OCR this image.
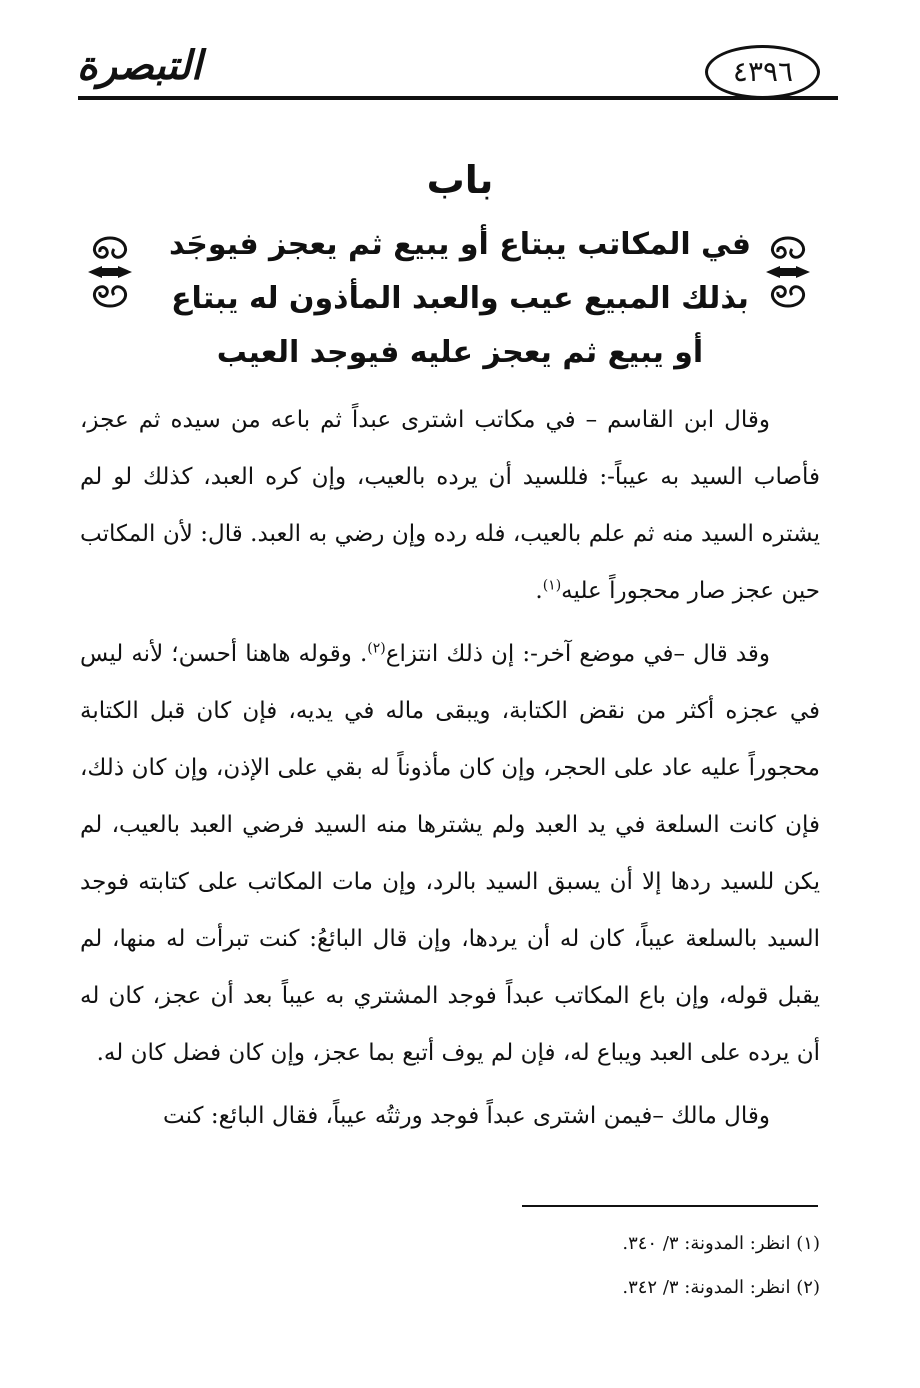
التبصرة	٤٣٩٦
باب
في المكاتب يبتاع أو يبيع ثم يعجز فيوجَد بذلك المبيع عيب والعبد المأذون له يبتاع أو يبيع ثم يعجز عليه فيوجد العيب

وقال ابن القاسم – في مكاتب اشترى عبداً ثم باعه من سيده ثم عجز، فأصاب السيد به عيباً-: فللسيد أن يرده بالعيب، وإن كره العبد، كذلك لو لم يشتره السيد منه ثم علم بالعيب، فله رده وإن رضي به العبد. قال: لأن المكاتب حين عجز صار محجوراً عليه$^{(١)}$.

وقد قال –في موضع آخر-: إن ذلك انتزاع$^{(٢)}$. وقوله هاهنا أحسن؛ لأنه ليس في عجزه أكثر من نقض الكتابة، ويبقى ماله في يديه، فإن كان قبل الكتابة محجوراً عليه عاد على الحجر، وإن كان مأذوناً له بقي على الإذن، وإن كان ذلك، فإن كانت السلعة في يد العبد ولم يشترها منه السيد فرضي العبد بالعيب، لم يكن للسيد ردها إلا أن يسبق السيد بالرد، وإن مات المكاتب على كتابته فوجد السيد بالسلعة عيباً، كان له أن يردها، وإن قال البائعُ: كنت تبرأت له منها، لم يقبل قوله، وإن باع المكاتب عبداً فوجد المشتري به عيباً بعد أن عجز، كان له أن يرده على العبد ويباع له، فإن لم يوف أتبع بما عجز، وإن كان فضل كان له.

وقال مالك –فيمن اشترى عبداً فوجد ورثتُه عيباً، فقال البائع: كنت

(١) انظر: المدونة: ٣/ ٣٤٠.
(٢) انظر: المدونة: ٣/ ٣٤٢.
